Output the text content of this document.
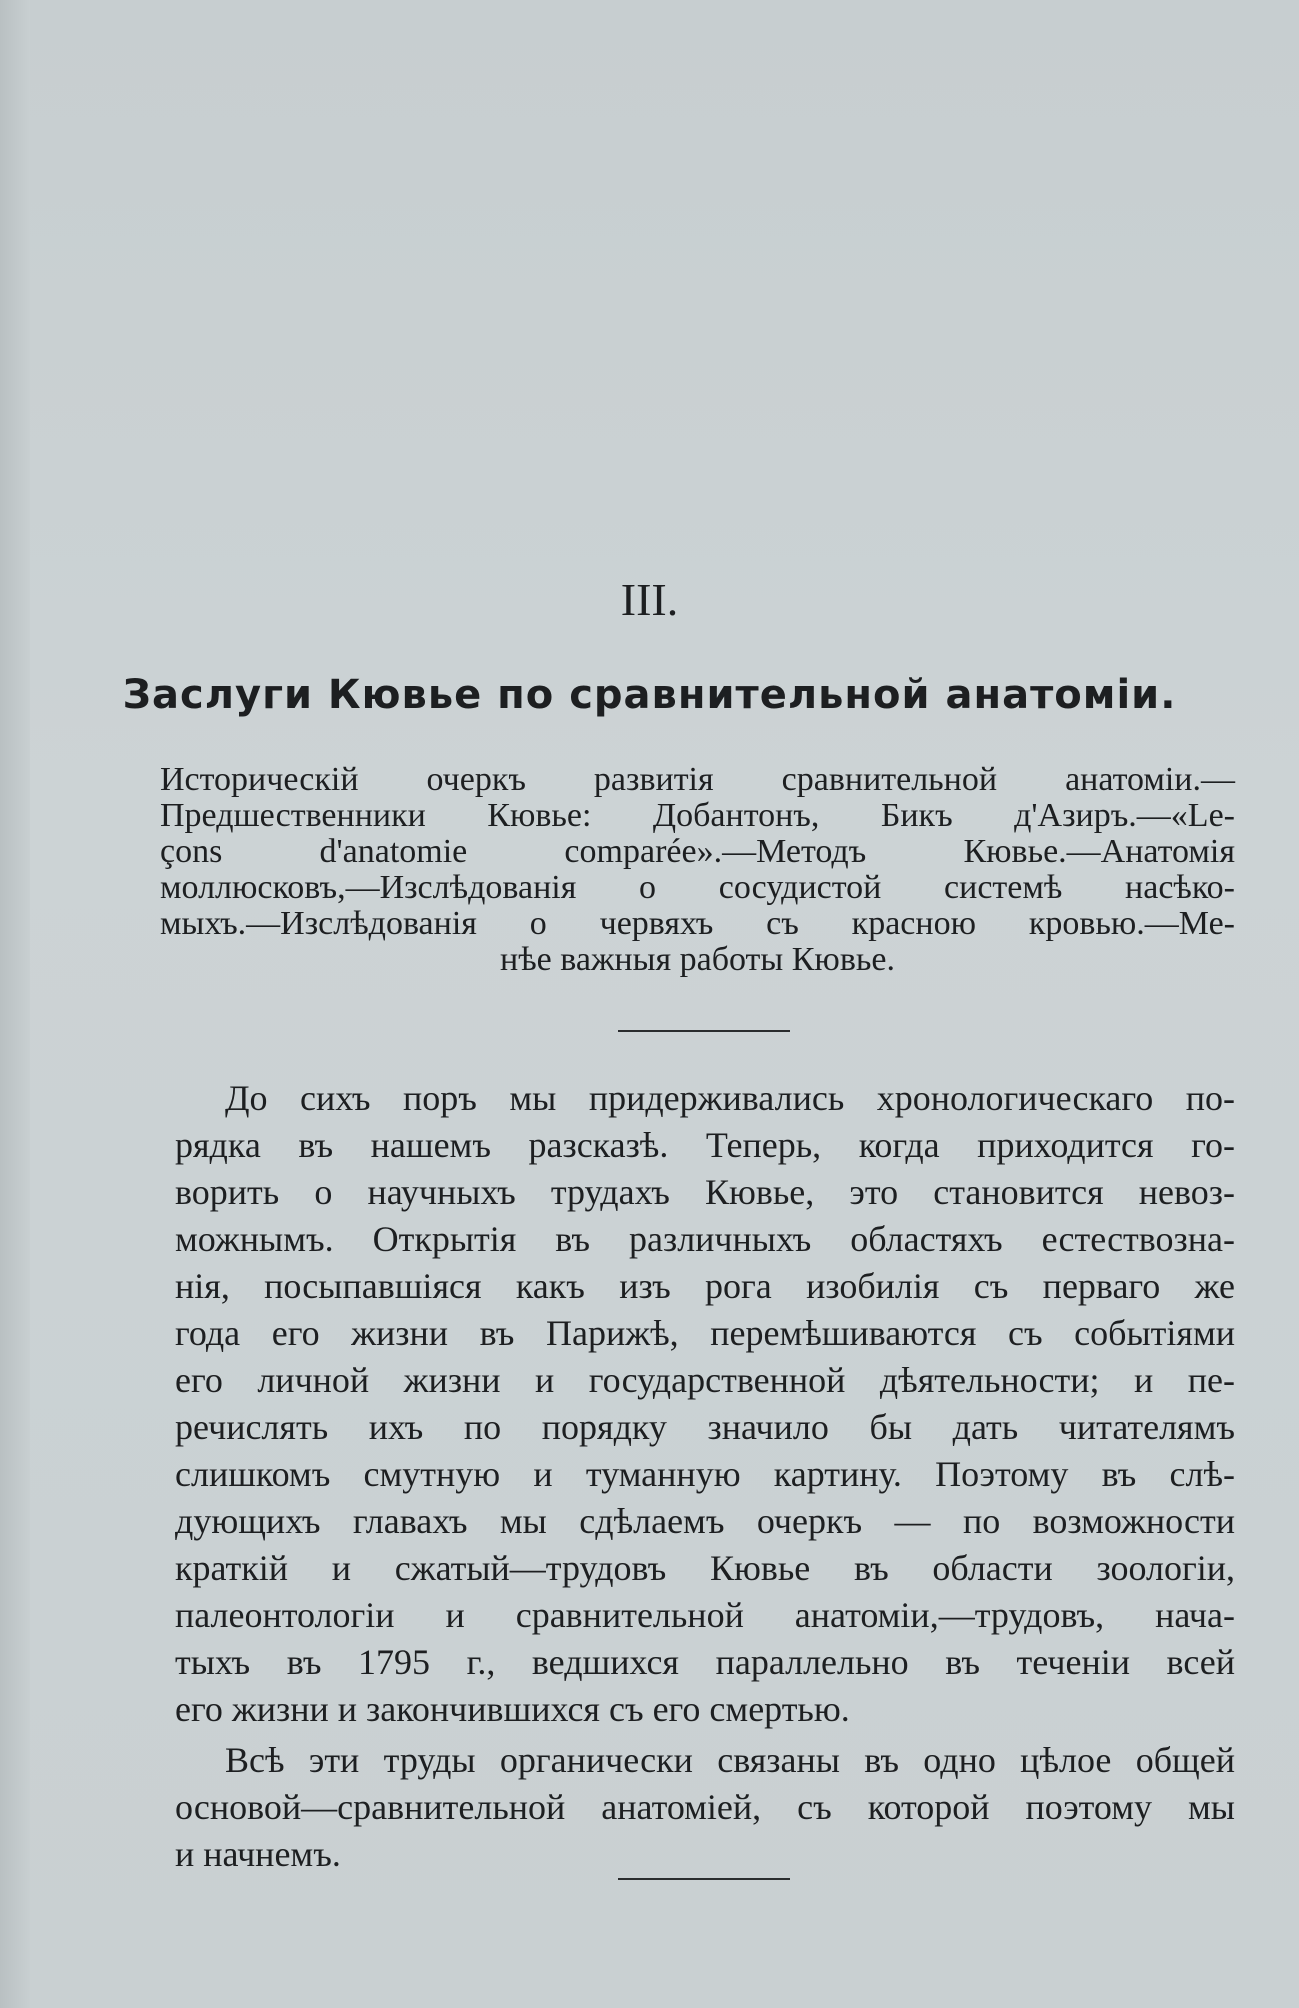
III.
Заслуги Кювье по сравнительной анатоміи.
Историческій очеркъ развитія сравнительной анатоміи.—
Предшественники Кювье: Добантонъ, Бикъ д'Азиръ.—«Le-
çons d'anatomie comparée».—Методъ Кювье.—Анатомія
моллюсковъ,—Изслѣдованія о сосудистой системѣ насѣко-
мыхъ.—Изслѣдованія о червяхъ съ красною кровью.—Ме-
нѣе важныя работы Кювье.
До сихъ поръ мы придерживались хронологическаго по-
рядка въ нашемъ разсказѣ. Теперь, когда приходится го-
ворить о научныхъ трудахъ Кювье, это становится невоз-
можнымъ. Открытія въ различныхъ областяхъ естествозна-
нія, посыпавшіяся какъ изъ рога изобилія съ перваго же
года его жизни въ Парижѣ, перемѣшиваются съ событіями
его личной жизни и государственной дѣятельности; и пе-
речислять ихъ по порядку значило бы дать читателямъ
слишкомъ смутную и туманную картину. Поэтому въ слѣ-
дующихъ главахъ мы сдѣлаемъ очеркъ — по возможности
краткій и сжатый—трудовъ Кювье въ области зоологіи,
палеонтологіи и сравнительной анатоміи,—трудовъ, нача-
тыхъ въ 1795 г., ведшихся параллельно въ теченіи всей
его жизни и закончившихся съ его смертью.
Всѣ эти труды органически связаны въ одно цѣлое общей
основой—сравнительной анатоміей, съ которой поэтому мы
и начнемъ.
